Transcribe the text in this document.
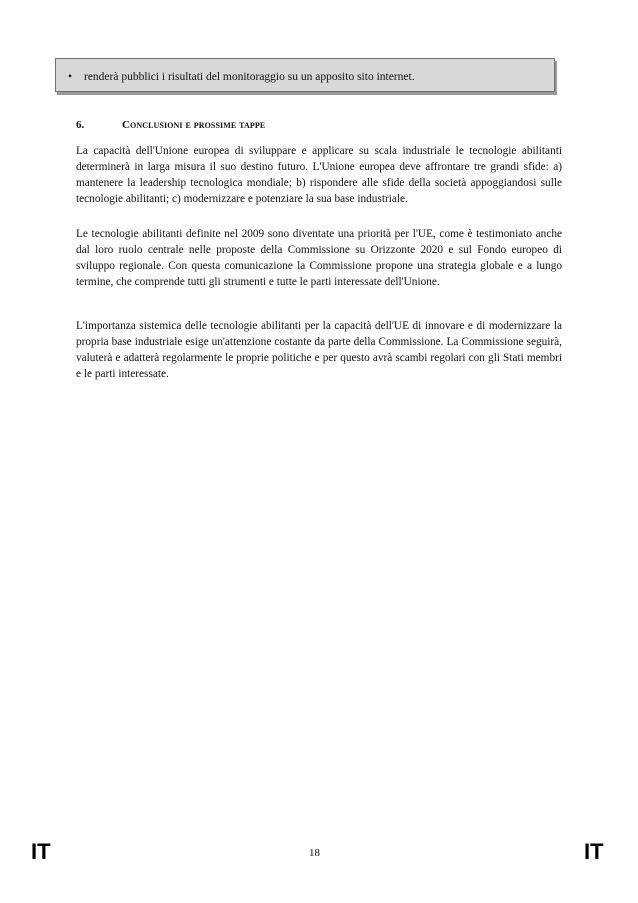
• renderà pubblici i risultati del monitoraggio su un apposito sito internet.
6.	Conclusioni e prossime tappe

La capacità dell'Unione europea di sviluppare e applicare su scala industriale le tecnologie abilitanti determinerà in larga misura il suo destino futuro. L'Unione europea deve affrontare tre grandi sfide: a) mantenere la leadership tecnologica mondiale; b) rispondere alle sfide della società appoggiandosi sulle tecnologie abilitanti; c) modernizzare e potenziare la sua base industriale.

Le tecnologie abilitanti definite nel 2009 sono diventate una priorità per l'UE, come è testimoniato anche dal loro ruolo centrale nelle proposte della Commissione su Orizzonte 2020 e sul Fondo europeo di sviluppo regionale. Con questa comunicazione la Commissione propone una strategia globale e a lungo termine, che comprende tutti gli strumenti e tutte le parti interessate dell'Unione.

L'importanza sistemica delle tecnologie abilitanti per la capacità dell'UE di innovare e di modernizzare la propria base industriale esige un'attenzione costante da parte della Commissione. La Commissione seguirà, valuterà e adatterà regolarmente le proprie politiche e per questo avrà scambi regolari con gli Stati membri e le parti interessate.

IT	18	IT
